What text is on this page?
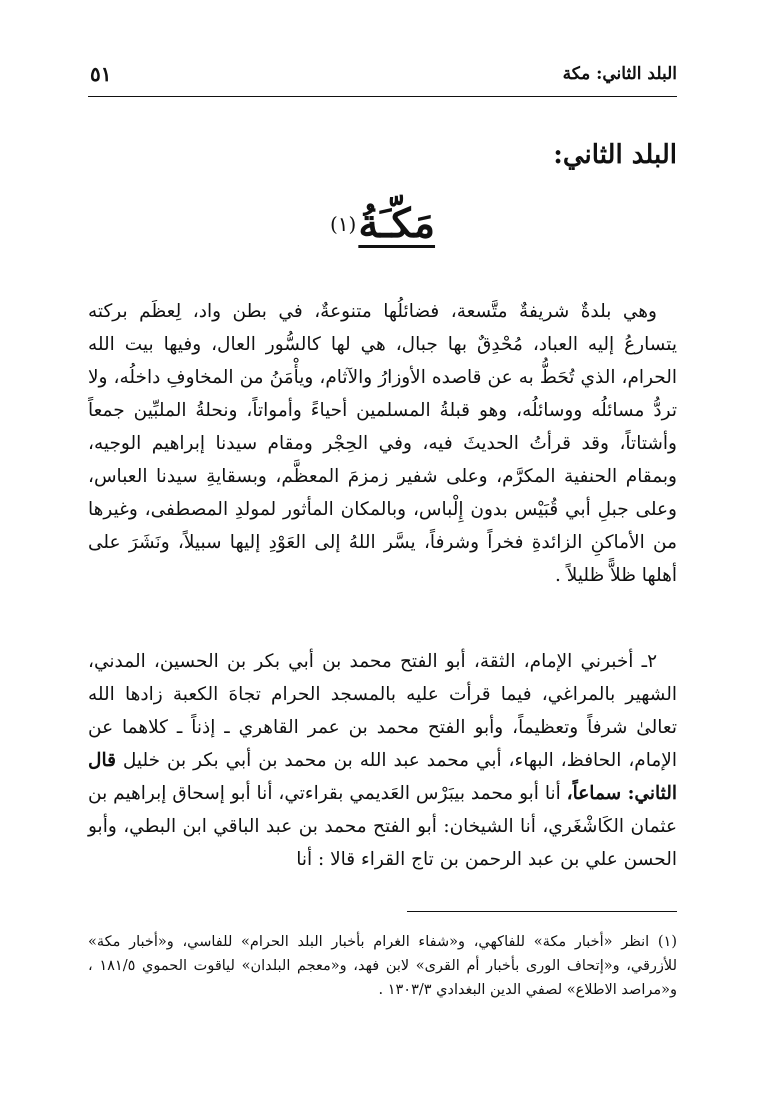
البلد الثاني: مكة
٥١
البلد الثاني:
مَكّـَةُ(١)

وهي بلدةٌ شريفةٌ متَّسعة، فضائلُها متنوعةٌ، في بطن واد، لِعظَم بركته يتسارعُ إليه العباد، مُحْدِقٌ بها جبال، هي لها كالسُّور العال، وفيها بيت الله الحرام، الذي تُحَطُّ به عن قاصده الأوزارُ والآثام، ويأْمَنُ من المخاوفِ داخلُه، ولا تردُّ مسائلُه ووسائلُه، وهو قبلةُ المسلمين أحياءً وأمواتاً، ونحلةُ الملبِّين جمعاً وأشتاتاً، وقد قرأتُ الحديثَ فيه، وفي الحِجْر ومقام سيدنا إبراهيم الوجيه، وبمقام الحنفية المكرَّم، وعلى شفير زمزمَ المعظَّم، وبسقايةِ سيدنا العباس، وعلى جبلِ أبي قُبَيْس بدون إِلْباس، وبالمكان المأثور لمولدِ المصطفى، وغيرها من الأماكنِ الزائدةِ فخراً وشرفاً، يسَّر اللهُ إلى العَوْدِ إليها سبيلاً، ونَشَرَ على أهلها ظلاًّ ظليلاً .

٢ـ أخبرني الإمام، الثقة، أبو الفتح محمد بن أبي بكر بن الحسين، المدني، الشهير بالمراغي، فيما قرأت عليه بالمسجد الحرام تجاهَ الكعبة زادها الله تعالىٰ شرفاً وتعظيماً، وأبو الفتح محمد بن عمر القاهري ـ إذناً ـ كلاهما عن الإمام، الحافظ، البهاء، أبي محمد عبد الله بن محمد بن أبي بكر بن خليل قال الثاني: سماعاً، أنا أبو محمد بيبَرْس العَديمي بقراءتي، أنا أبو إسحاق إبراهيم بن عثمان الكَاشْغَري، أنا الشيخان: أبو الفتح محمد بن عبد الباقي ابن البطي، وأبو الحسن علي بن عبد الرحمن بن تاج القراء قالا : أنا

(١) انظر «أخبار مكة» للفاكهي، و«شفاء الغرام بأخبار البلد الحرام» للفاسي، و«أخبار مكة» للأزرقي، و«إتحاف الورى بأخبار أم القرى» لابن فهد، و«معجم البلدان» لياقوت الحموي ١٨١/٥ ، و«مراصد الاطلاع» لصفي الدين البغدادي ١٣٠٣/٣ .
